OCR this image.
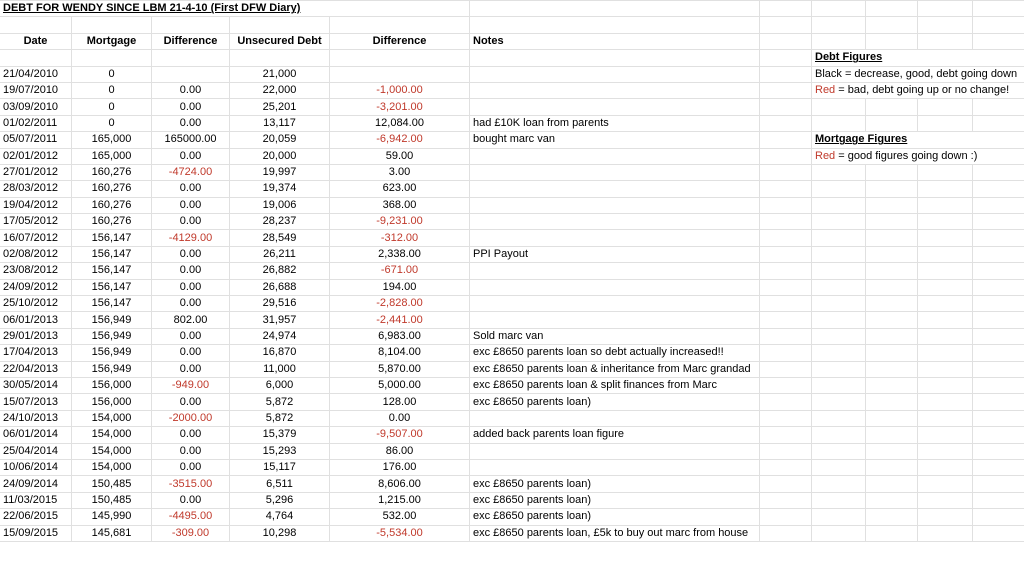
DEBT FOR WENDY SINCE LBM 21-4-10 (First DFW Diary)										

Date	Mortgage	Difference	Unsecured Debt	Difference	Notes					
							Debt Figures			
21/04/2010	0		21,000				Black = decrease, good, debt going down			
19/07/2010	0	0.00	22,000	-1,000.00			Red = bad, debt going up or no change!			
03/09/2010	0	0.00	25,201	-3,201.00						
01/02/2011	0	0.00	13,117	12,084.00	had £10K loan from parents					
05/07/2011	165,000	165000.00	20,059	-6,942.00	bought marc van		Mortgage Figures			
02/01/2012	165,000	0.00	20,000	59.00			Red = good figures going down :)			
27/01/2012	160,276	-4724.00	19,997	3.00						
28/03/2012	160,276	0.00	19,374	623.00						
19/04/2012	160,276	0.00	19,006	368.00						
17/05/2012	160,276	0.00	28,237	-9,231.00						
16/07/2012	156,147	-4129.00	28,549	-312.00						
02/08/2012	156,147	0.00	26,211	2,338.00	PPI Payout					
23/08/2012	156,147	0.00	26,882	-671.00						
24/09/2012	156,147	0.00	26,688	194.00						
25/10/2012	156,147	0.00	29,516	-2,828.00						
06/01/2013	156,949	802.00	31,957	-2,441.00						
29/01/2013	156,949	0.00	24,974	6,983.00	Sold marc van					
17/04/2013	156,949	0.00	16,870	8,104.00	exc £8650 parents loan so debt actually increased!!					
22/04/2013	156,949	0.00	11,000	5,870.00	exc £8650 parents loan & inheritance from Marc grandad					
30/05/2014	156,000	-949.00	6,000	5,000.00	exc £8650 parents loan & split finances from Marc					
15/07/2013	156,000	0.00	5,872	128.00	exc £8650 parents loan)					
24/10/2013	154,000	-2000.00	5,872	0.00						
06/01/2014	154,000	0.00	15,379	-9,507.00	added back parents loan figure					
25/04/2014	154,000	0.00	15,293	86.00						
10/06/2014	154,000	0.00	15,117	176.00						
24/09/2014	150,485	-3515.00	6,511	8,606.00	exc £8650 parents loan)					
11/03/2015	150,485	0.00	5,296	1,215.00	exc £8650 parents loan)					
22/06/2015	145,990	-4495.00	4,764	532.00	exc £8650 parents loan)					
15/09/2015	145,681	-309.00	10,298	-5,534.00	exc £8650 parents loan, £5k to buy out marc from house					
